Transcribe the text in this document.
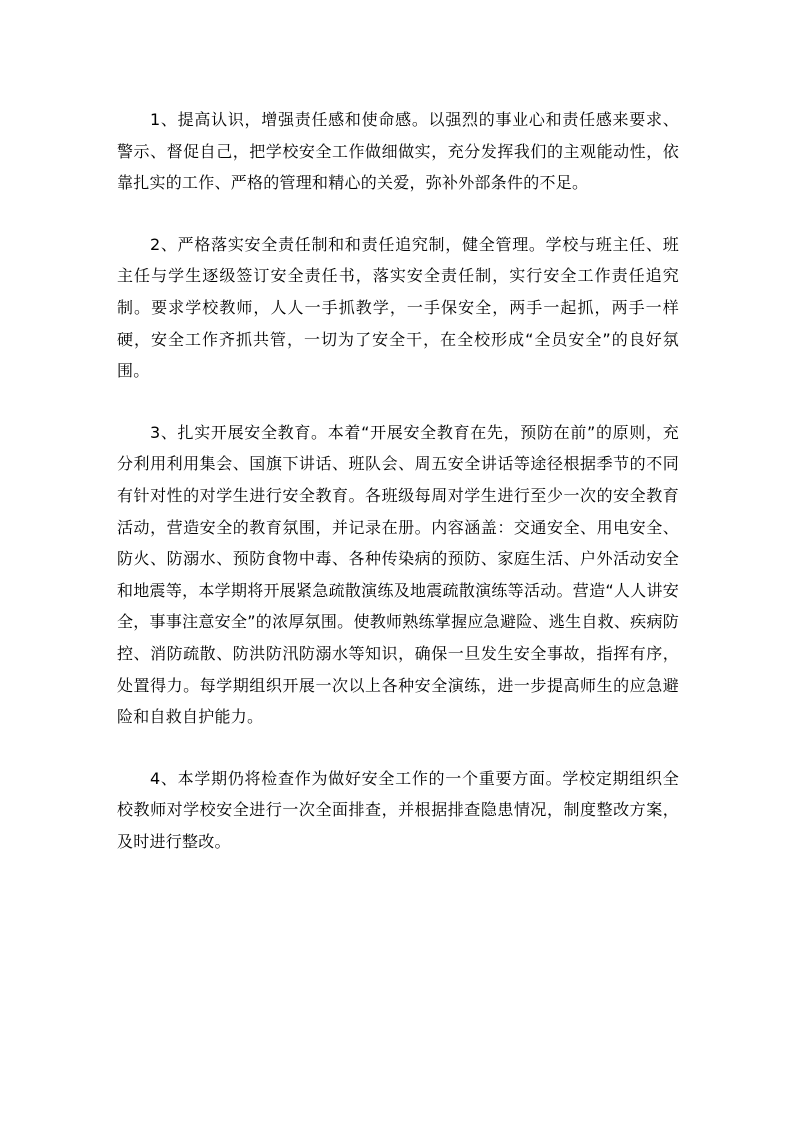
1、提高认识，增强责任感和使命感。以强烈的事业心和责任感来要求、警示、督促自己，把学校安全工作做细做实，充分发挥我们的主观能动性，依靠扎实的工作、严格的管理和精心的关爱，弥补外部条件的不足。

2、严格落实安全责任制和和责任追究制，健全管理。学校与班主任、班主任与学生逐级签订安全责任书，落实安全责任制，实行安全工作责任追究制。要求学校教师，人人一手抓教学，一手保安全，两手一起抓，两手一样硬，安全工作齐抓共管，一切为了安全干，在全校形成“全员安全”的良好氛围。

3、扎实开展安全教育。本着“开展安全教育在先，预防在前”的原则，充分利用利用集会、国旗下讲话、班队会、周五安全讲话等途径根据季节的不同有针对性的对学生进行安全教育。各班级每周对学生进行至少一次的安全教育活动，营造安全的教育氛围，并记录在册。内容涵盖：交通安全、用电安全、防火、防溺水、预防食物中毒、各种传染病的预防、家庭生活、户外活动安全和地震等，本学期将开展紧急疏散演练及地震疏散演练等活动。营造“人人讲安全，事事注意安全”的浓厚氛围。使教师熟练掌握应急避险、逃生自救、疾病防控、消防疏散、防洪防汛防溺水等知识，确保一旦发生安全事故，指挥有序，处置得力。每学期组织开展一次以上各种安全演练，进一步提高师生的应急避险和自救自护能力。

4、本学期仍将检查作为做好安全工作的一个重要方面。学校定期组织全校教师对学校安全进行一次全面排查，并根据排查隐患情况，制度整改方案，及时进行整改。
